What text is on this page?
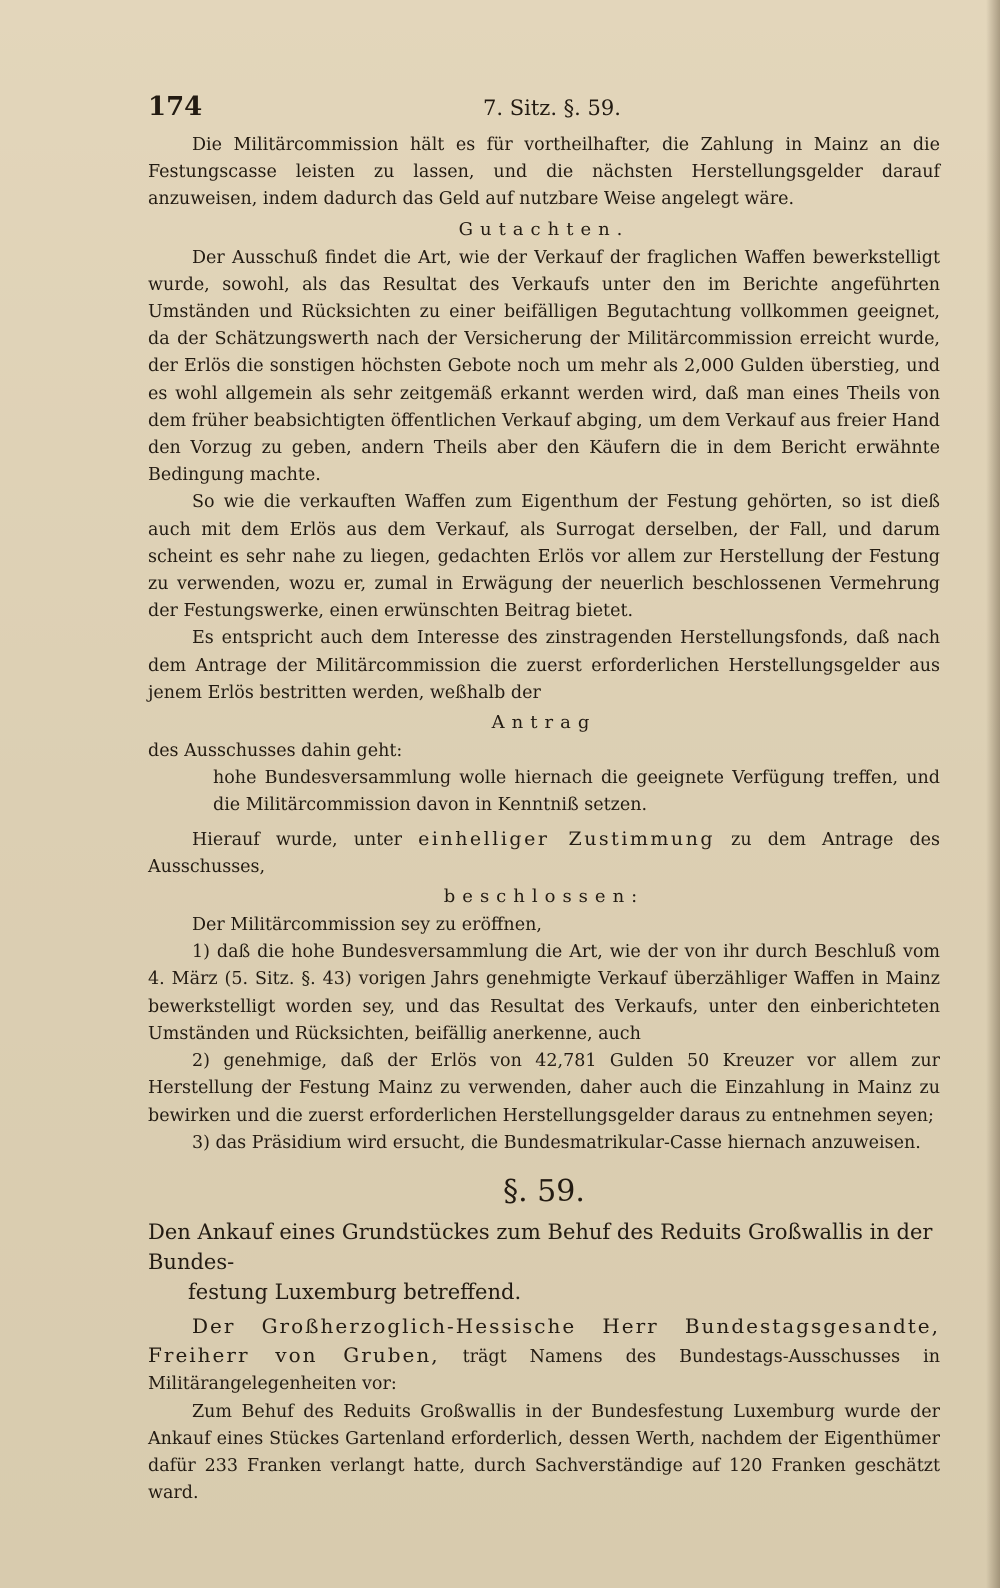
174	7. Sitz. §. 59.

Die Militärcommission hält es für vortheilhafter, die Zahlung in Mainz an die Festungscasse leisten zu lassen, und die nächsten Herstellungsgelder darauf anzuweisen, indem dadurch das Geld auf nutzbare Weise angelegt wäre.

Gutachten.

Der Ausschuß findet die Art, wie der Verkauf der fraglichen Waffen bewerkstelligt wurde, sowohl, als das Resultat des Verkaufs unter den im Berichte angeführten Umständen und Rücksichten zu einer beifälligen Begutachtung vollkommen geeignet, da der Schätzungswerth nach der Versicherung der Militärcommission erreicht wurde, der Erlös die sonstigen höchsten Gebote noch um mehr als 2,000 Gulden überstieg, und es wohl allgemein als sehr zeitgemäß erkannt werden wird, daß man eines Theils von dem früher beabsichtigten öffentlichen Verkauf abging, um dem Verkauf aus freier Hand den Vorzug zu geben, andern Theils aber den Käufern die in dem Bericht erwähnte Bedingung machte.

So wie die verkauften Waffen zum Eigenthum der Festung gehörten, so ist dieß auch mit dem Erlös aus dem Verkauf, als Surrogat derselben, der Fall, und darum scheint es sehr nahe zu liegen, gedachten Erlös vor allem zur Herstellung der Festung zu verwenden, wozu er, zumal in Erwägung der neuerlich beschlossenen Vermehrung der Festungswerke, einen erwünschten Beitrag bietet.

Es entspricht auch dem Interesse des zinstragenden Herstellungsfonds, daß nach dem Antrage der Militärcommission die zuerst erforderlichen Herstellungsgelder aus jenem Erlös bestritten werden, weßhalb der

Antrag

des Ausschusses dahin geht:

hohe Bundesversammlung wolle hiernach die geeignete Verfügung treffen, und die Militärcommission davon in Kenntniß setzen.

Hierauf wurde, unter einhelliger Zustimmung zu dem Antrage des Ausschusses,

beschlossen:

Der Militärcommission sey zu eröffnen,

1) daß die hohe Bundesversammlung die Art, wie der von ihr durch Beschluß vom 4. März (5. Sitz. §. 43) vorigen Jahrs genehmigte Verkauf überzähliger Waffen in Mainz bewerkstelligt worden sey, und das Resultat des Verkaufs, unter den einberichteten Umständen und Rücksichten, beifällig anerkenne, auch

2) genehmige, daß der Erlös von 42,781 Gulden 50 Kreuzer vor allem zur Herstellung der Festung Mainz zu verwenden, daher auch die Einzahlung in Mainz zu bewirken und die zuerst erforderlichen Herstellungsgelder daraus zu entnehmen seyen;

3) das Präsidium wird ersucht, die Bundesmatrikular-Casse hiernach anzuweisen.

§. 59.

Den Ankauf eines Grundstückes zum Behuf des Reduits Großwallis in der Bundes-
festung Luxemburg betreffend.

Der Großherzoglich-Hessische Herr Bundestagsgesandte, Freiherr von Gruben, trägt Namens des Bundestags-Ausschusses in Militärangelegenheiten vor:

Zum Behuf des Reduits Großwallis in der Bundesfestung Luxemburg wurde der Ankauf eines Stückes Gartenland erforderlich, dessen Werth, nachdem der Eigenthümer dafür 233 Franken verlangt hatte, durch Sachverständige auf 120 Franken geschätzt ward.
